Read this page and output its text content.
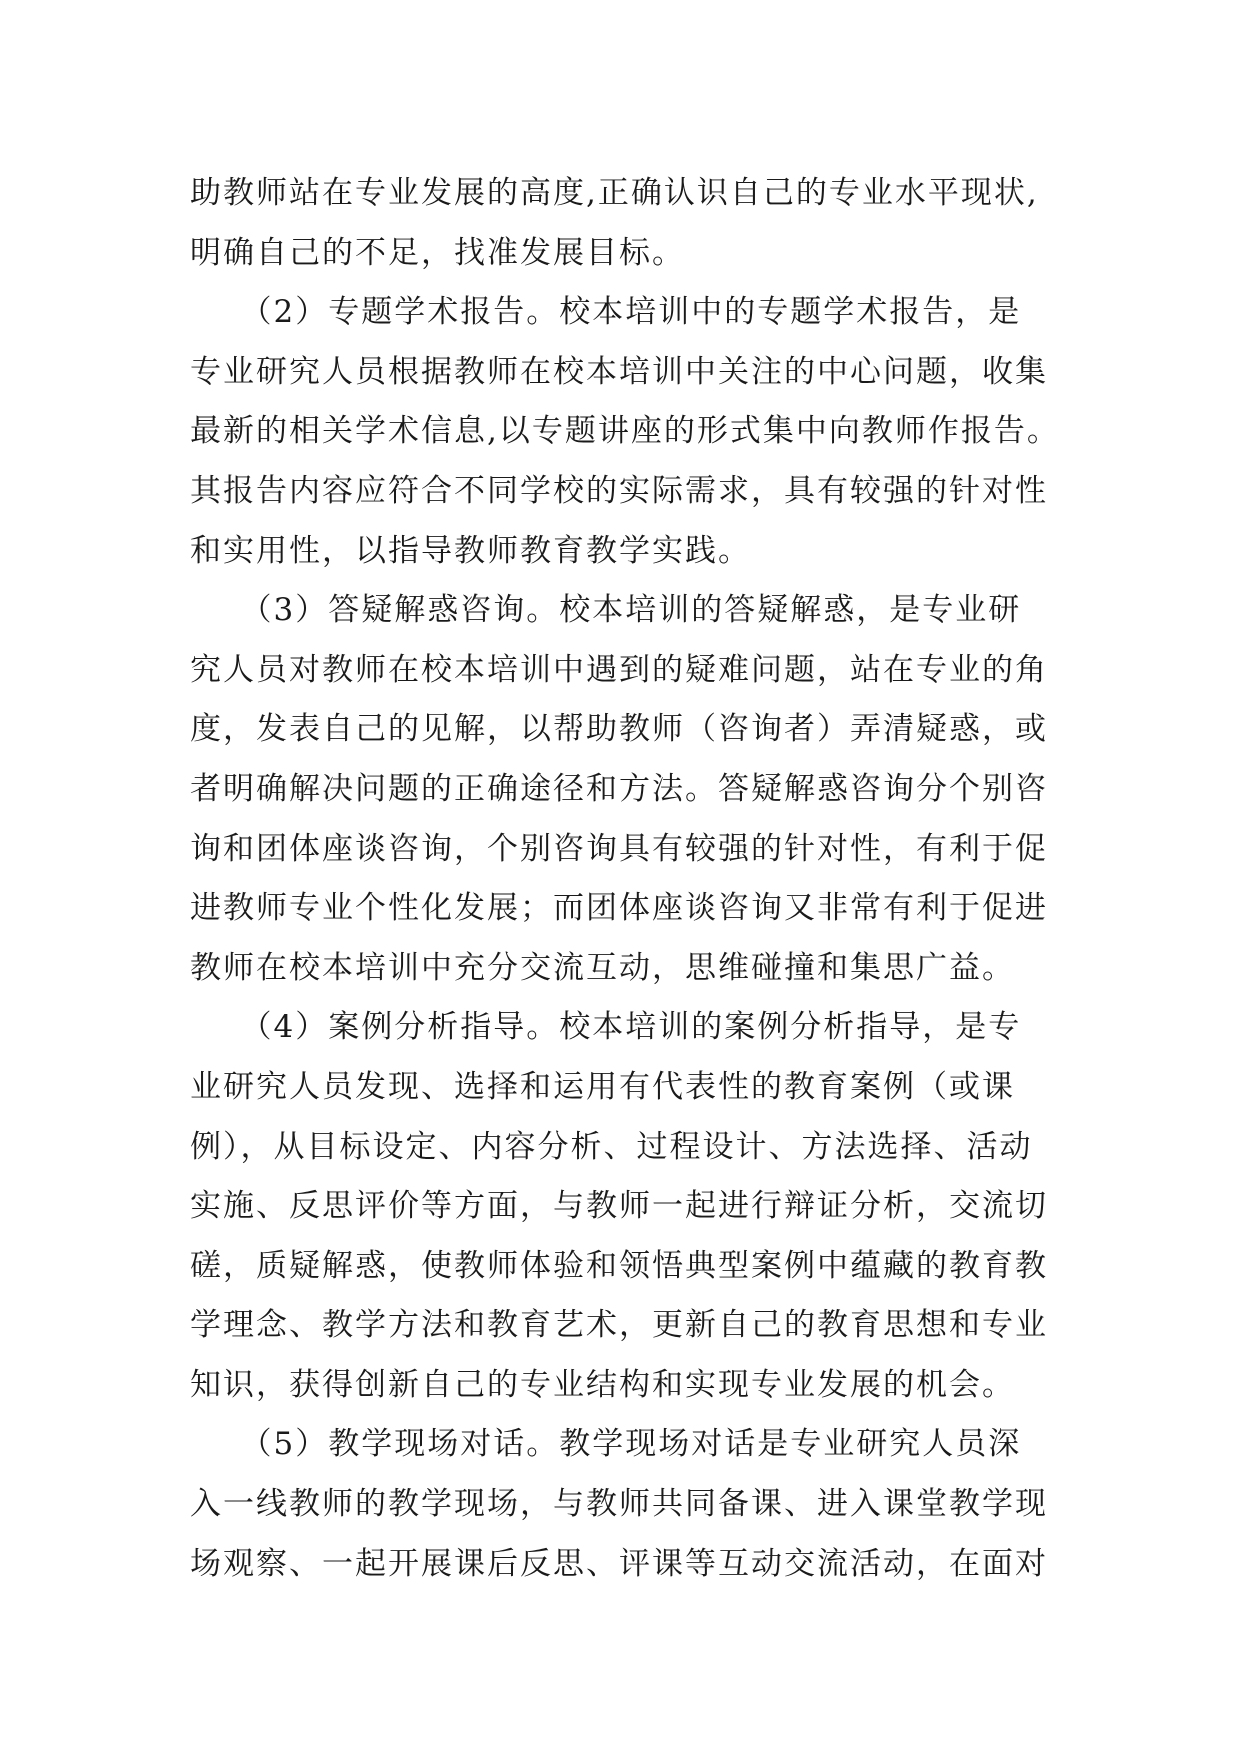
助教师站在专业发展的高度,正确认识自己的专业水平现状,
明确自己的不足，找准发展目标。
　　（2）专题学术报告。校本培训中的专题学术报告，是
专业研究人员根据教师在校本培训中关注的中心问题，收集
最新的相关学术信息,以专题讲座的形式集中向教师作报告。
其报告内容应符合不同学校的实际需求，具有较强的针对性
和实用性，以指导教师教育教学实践。
　　（3）答疑解惑咨询。校本培训的答疑解惑，是专业研
究人员对教师在校本培训中遇到的疑难问题，站在专业的角
度，发表自己的见解，以帮助教师（咨询者）弄清疑惑，或
者明确解决问题的正确途径和方法。答疑解惑咨询分个别咨
询和团体座谈咨询，个别咨询具有较强的针对性，有利于促
进教师专业个性化发展；而团体座谈咨询又非常有利于促进
教师在校本培训中充分交流互动，思维碰撞和集思广益。
　　（4）案例分析指导。校本培训的案例分析指导，是专
业研究人员发现、选择和运用有代表性的教育案例（或课
例），从目标设定、内容分析、过程设计、方法选择、活动
实施、反思评价等方面，与教师一起进行辩证分析，交流切
磋，质疑解惑，使教师体验和领悟典型案例中蕴藏的教育教
学理念、教学方法和教育艺术，更新自己的教育思想和专业
知识，获得创新自己的专业结构和实现专业发展的机会。
　　（5）教学现场对话。教学现场对话是专业研究人员深
入一线教师的教学现场，与教师共同备课、进入课堂教学现
场观察、一起开展课后反思、评课等互动交流活动，在面对
